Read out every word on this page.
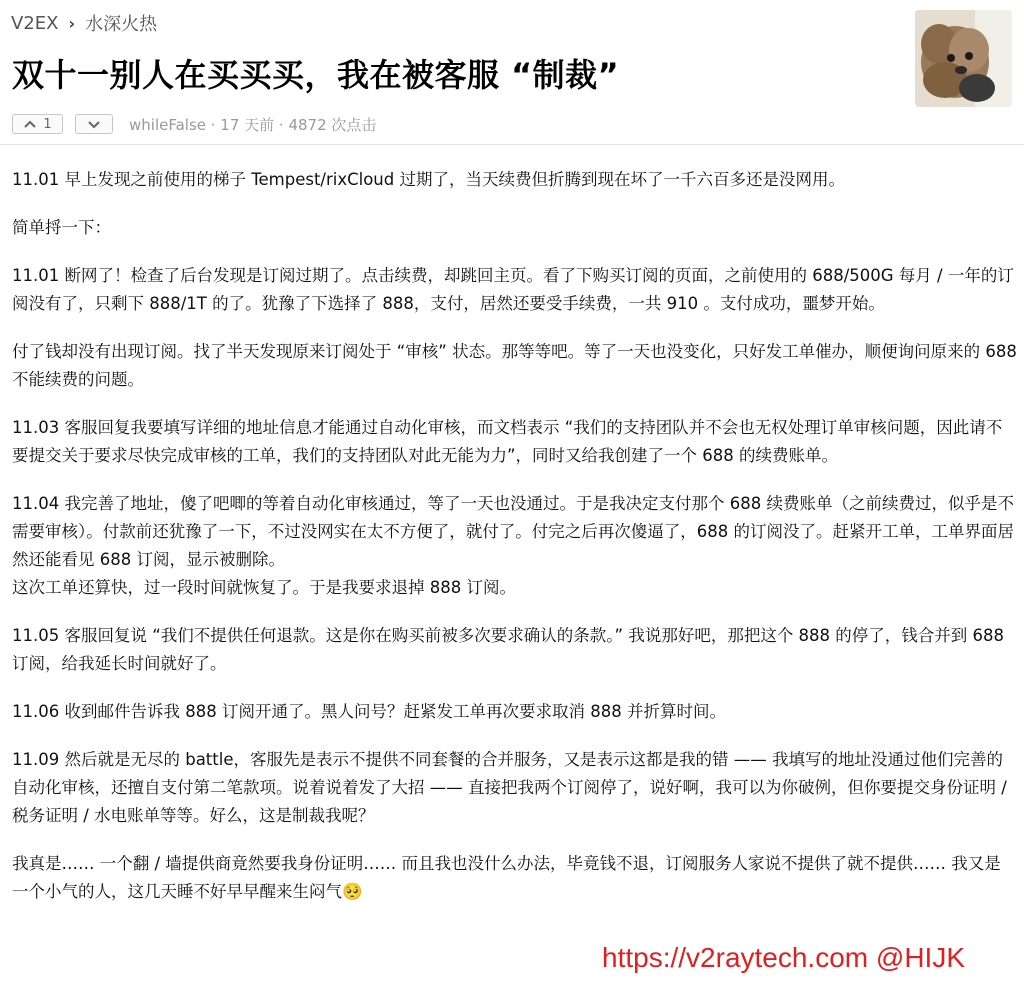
V2EX › 水深火热
双十一别人在买买买，我在被客服 “制裁”
1	whileFalse · 17 天前 · 4872 次点击

11.01 早上发现之前使用的梯子 Tempest/rixCloud 过期了，当天续费但折腾到现在坏了一千六百多还是没网用。

简单捋一下：

11.01 断网了！检查了后台发现是订阅过期了。点击续费，却跳回主页。看了下购买订阅的页面，之前使用的 688/500G 每月 / 一年的订阅没有了，只剩下 888/1T 的了。犹豫了下选择了 888，支付，居然还要受手续费，一共 910 。支付成功，噩梦开始。

付了钱却没有出现订阅。找了半天发现原来订阅处于 “审核” 状态。那等等吧。等了一天也没变化，只好发工单催办，顺便询问原来的 688 不能续费的问题。

11.03 客服回复我要填写详细的地址信息才能通过自动化审核，而文档表示 “我们的支持团队并不会也无权处理订单审核问题，因此请不要提交关于要求尽快完成审核的工单，我们的支持团队对此无能为力”，同时又给我创建了一个 688 的续费账单。

11.04 我完善了地址，傻了吧唧的等着自动化审核通过，等了一天也没通过。于是我决定支付那个 688 续费账单（之前续费过，似乎是不需要审核）。付款前还犹豫了一下，不过没网实在太不方便了，就付了。付完之后再次傻逼了，688 的订阅没了。赶紧开工单，工单界面居然还能看见 688 订阅，显示被删除。
这次工单还算快，过一段时间就恢复了。于是我要求退掉 888 订阅。

11.05 客服回复说 “我们不提供任何退款。这是你在购买前被多次要求确认的条款。” 我说那好吧，那把这个 888 的停了，钱合并到 688 订阅，给我延长时间就好了。

11.06 收到邮件告诉我 888 订阅开通了。黑人问号？赶紧发工单再次要求取消 888 并折算时间。

11.09 然后就是无尽的 battle，客服先是表示不提供不同套餐的合并服务，又是表示这都是我的错 —— 我填写的地址没通过他们完善的自动化审核，还擅自支付第二笔款项。说着说着发了大招 —— 直接把我两个订阅停了，说好啊，我可以为你破例，但你要提交身份证明 / 税务证明 / 水电账单等等。好么，这是制裁我呢？

我真是…… 一个翻 / 墙提供商竟然要我身份证明…… 而且我也没什么办法，毕竟钱不退，订阅服务人家说不提供了就不提供…… 我又是一个小气的人，这几天睡不好早早醒来生闷气🥺

https://v2raytech.com @HIJK
